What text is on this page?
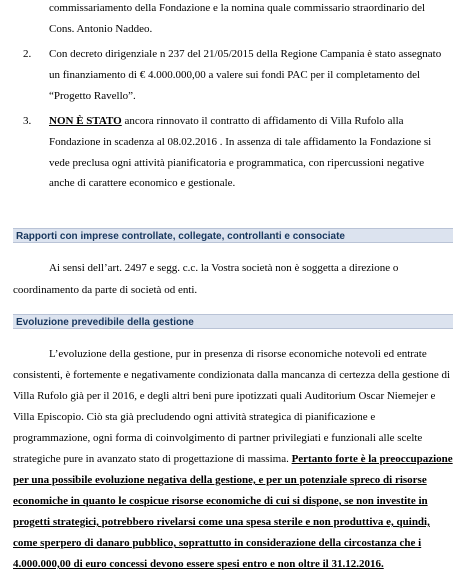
commissariamento della Fondazione e la nomina quale commissario straordinario del
Cons. Antonio Naddeo.
2. Con decreto dirigenziale n 237 del 21/05/2015 della Regione Campania è stato assegnato
un finanziamento di € 4.000.000,00 a valere sui fondi PAC per il completamento del
“Progetto Ravello”.
3. NON È STATO ancora rinnovato il contratto di affidamento di Villa Rufolo alla
Fondazione in scadenza al 08.02.2016 . In assenza di tale affidamento la Fondazione si
vede preclusa ogni attività pianificatoria e programmatica, con ripercussioni negative
anche di carattere economico e gestionale.
Rapporti con imprese controllate, collegate, controllanti e consociate
Ai sensi dell’art. 2497 e segg. c.c. la Vostra società non è soggetta a direzione o
coordinamento da parte di società od enti.
Evoluzione prevedibile della gestione
L’evoluzione della gestione, pur in presenza di risorse economiche notevoli ed entrate
consistenti, è fortemente e negativamente condizionata dalla mancanza di certezza della gestione di
Villa Rufolo già per il 2016, e degli altri beni pure ipotizzati quali Auditorium Oscar Niemejer e
Villa Episcopio. Ciò sta già precludendo ogni attività strategica di pianificazione e
programmazione, ogni forma di coinvolgimento di partner privilegiati e funzionali alle scelte
strategiche pure in avanzato stato di progettazione di massima. Pertanto forte è la preoccupazione
per una possibile evoluzione negativa della gestione, e per un potenziale spreco di risorse
economiche in quanto le cospicue risorse economiche di cui si dispone, se non investite in
progetti strategici, potrebbero rivelarsi come una spesa sterile e non produttiva e, quindi,
come sperpero di danaro pubblico, soprattutto in considerazione della circostanza che i
4.000.000,00 di euro concessi devono essere spesi entro e non oltre il 31.12.2016.
